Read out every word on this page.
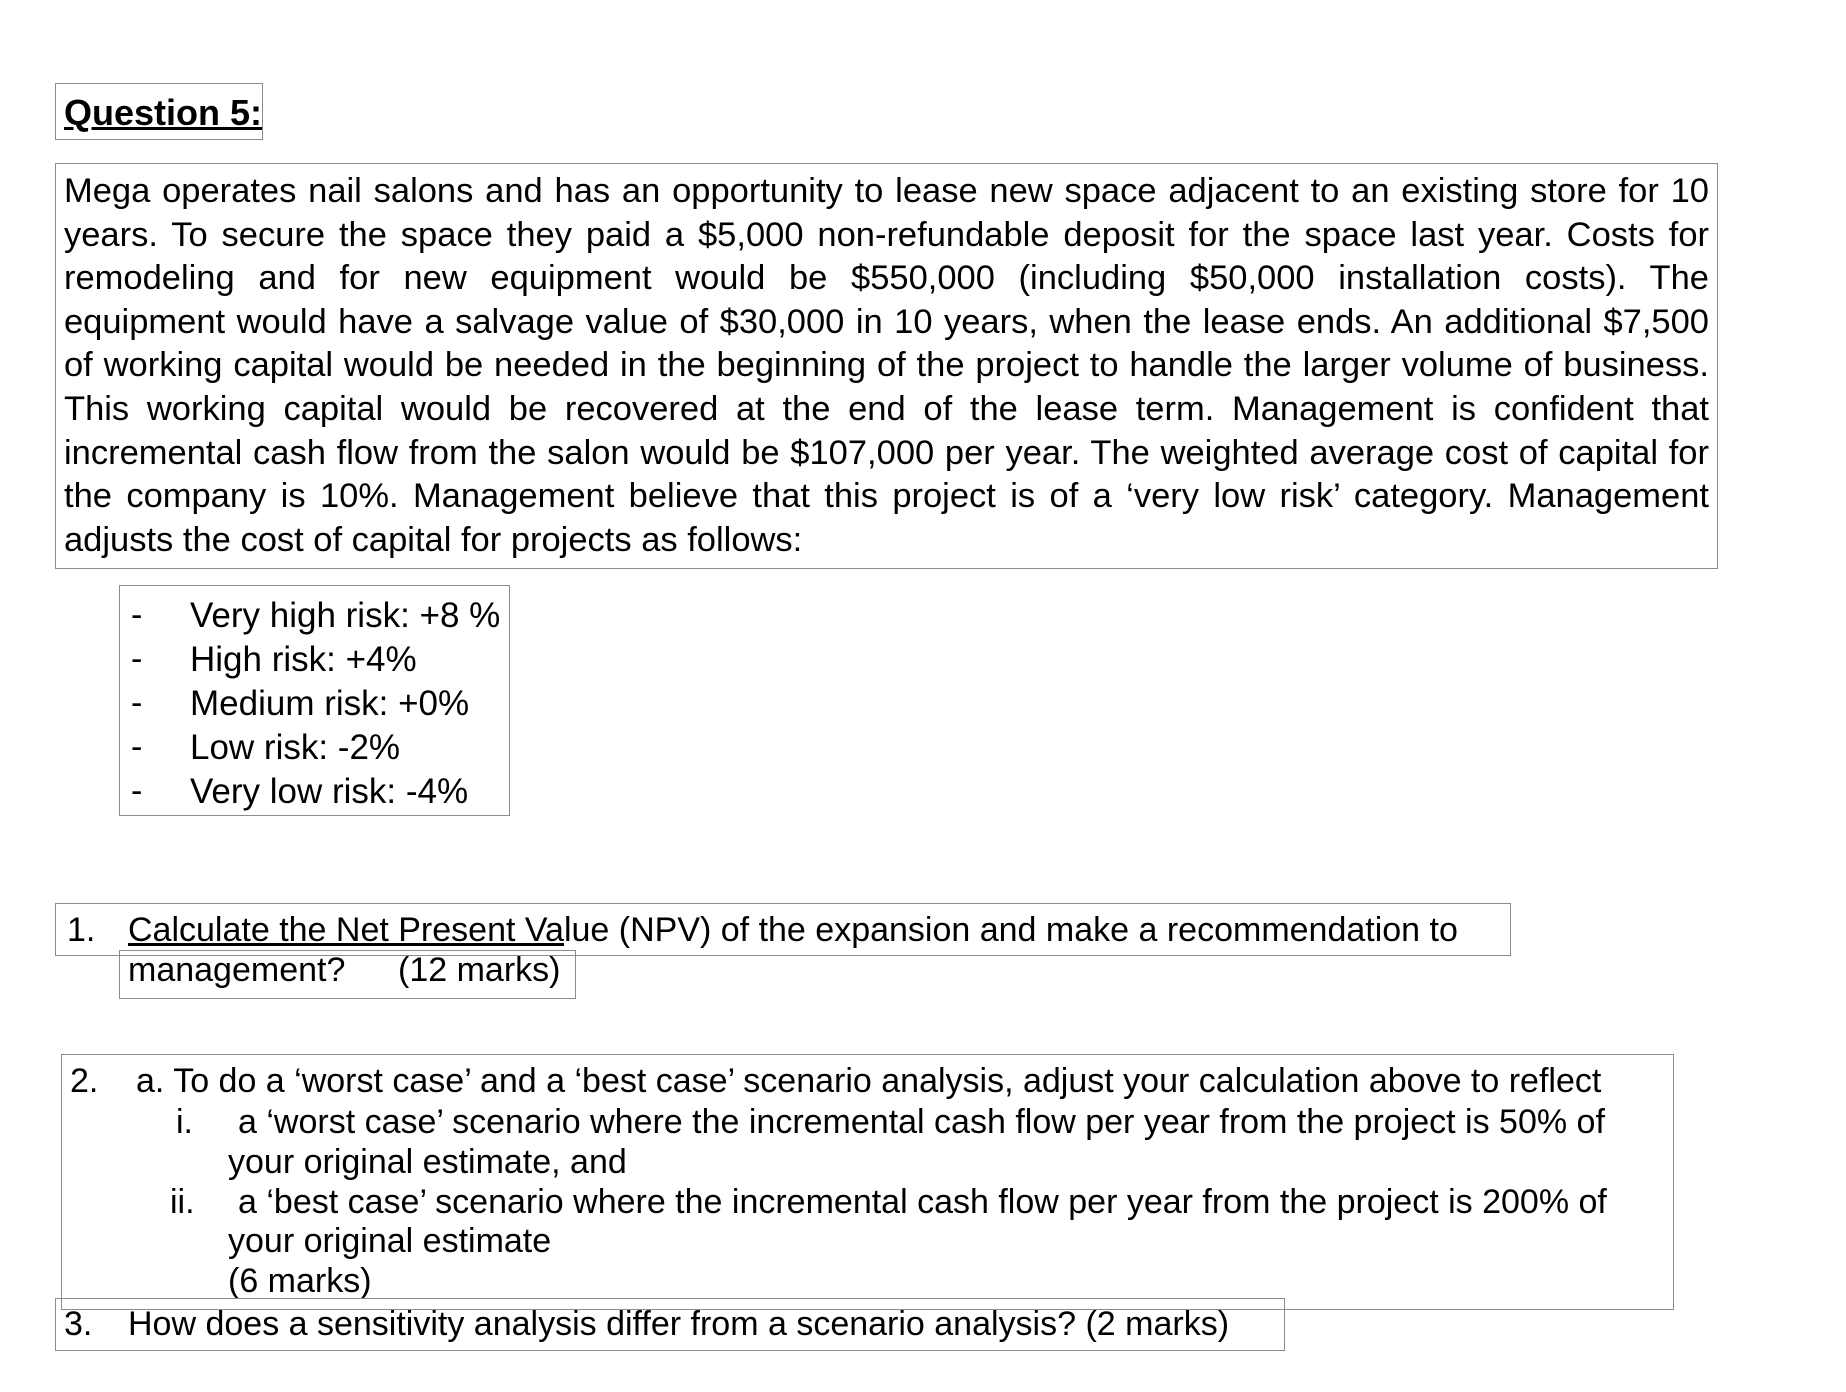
Question 5:
Mega operates nail salons and has an opportunity to lease new space adjacent to an existing store for 10
years. To secure the space they paid a $5,000 non-refundable deposit for the space last year. Costs for
remodeling and for new equipment would be $550,000 (including $50,000 installation costs). The
equipment would have a salvage value of $30,000 in 10 years, when the lease ends. An additional $7,500
of working capital would be needed in the beginning of the project to handle the larger volume of business.
This working capital would be recovered at the end of the lease term. Management is confident that
incremental cash flow from the salon would be $107,000 per year. The weighted average cost of capital for
the company is 10%. Management believe that this project is of a ‘very low risk’ category. Management
adjusts the cost of capital for projects as follows:
- Very high risk: +8 %
- High risk: +4%
- Medium risk: +0%
- Low risk: -2%
- Very low risk: -4%
1. Calculate the Net Present Value (NPV) of the expansion and make a recommendation to
management? (12 marks)
2. a. To do a ‘worst case’ and a ‘best case’ scenario analysis, adjust your calculation above to reflect
i. a ‘worst case’ scenario where the incremental cash flow per year from the project is 50% of
your original estimate, and
ii. a ‘best case’ scenario where the incremental cash flow per year from the project is 200% of
your original estimate
(6 marks)
3. How does a sensitivity analysis differ from a scenario analysis? (2 marks)
